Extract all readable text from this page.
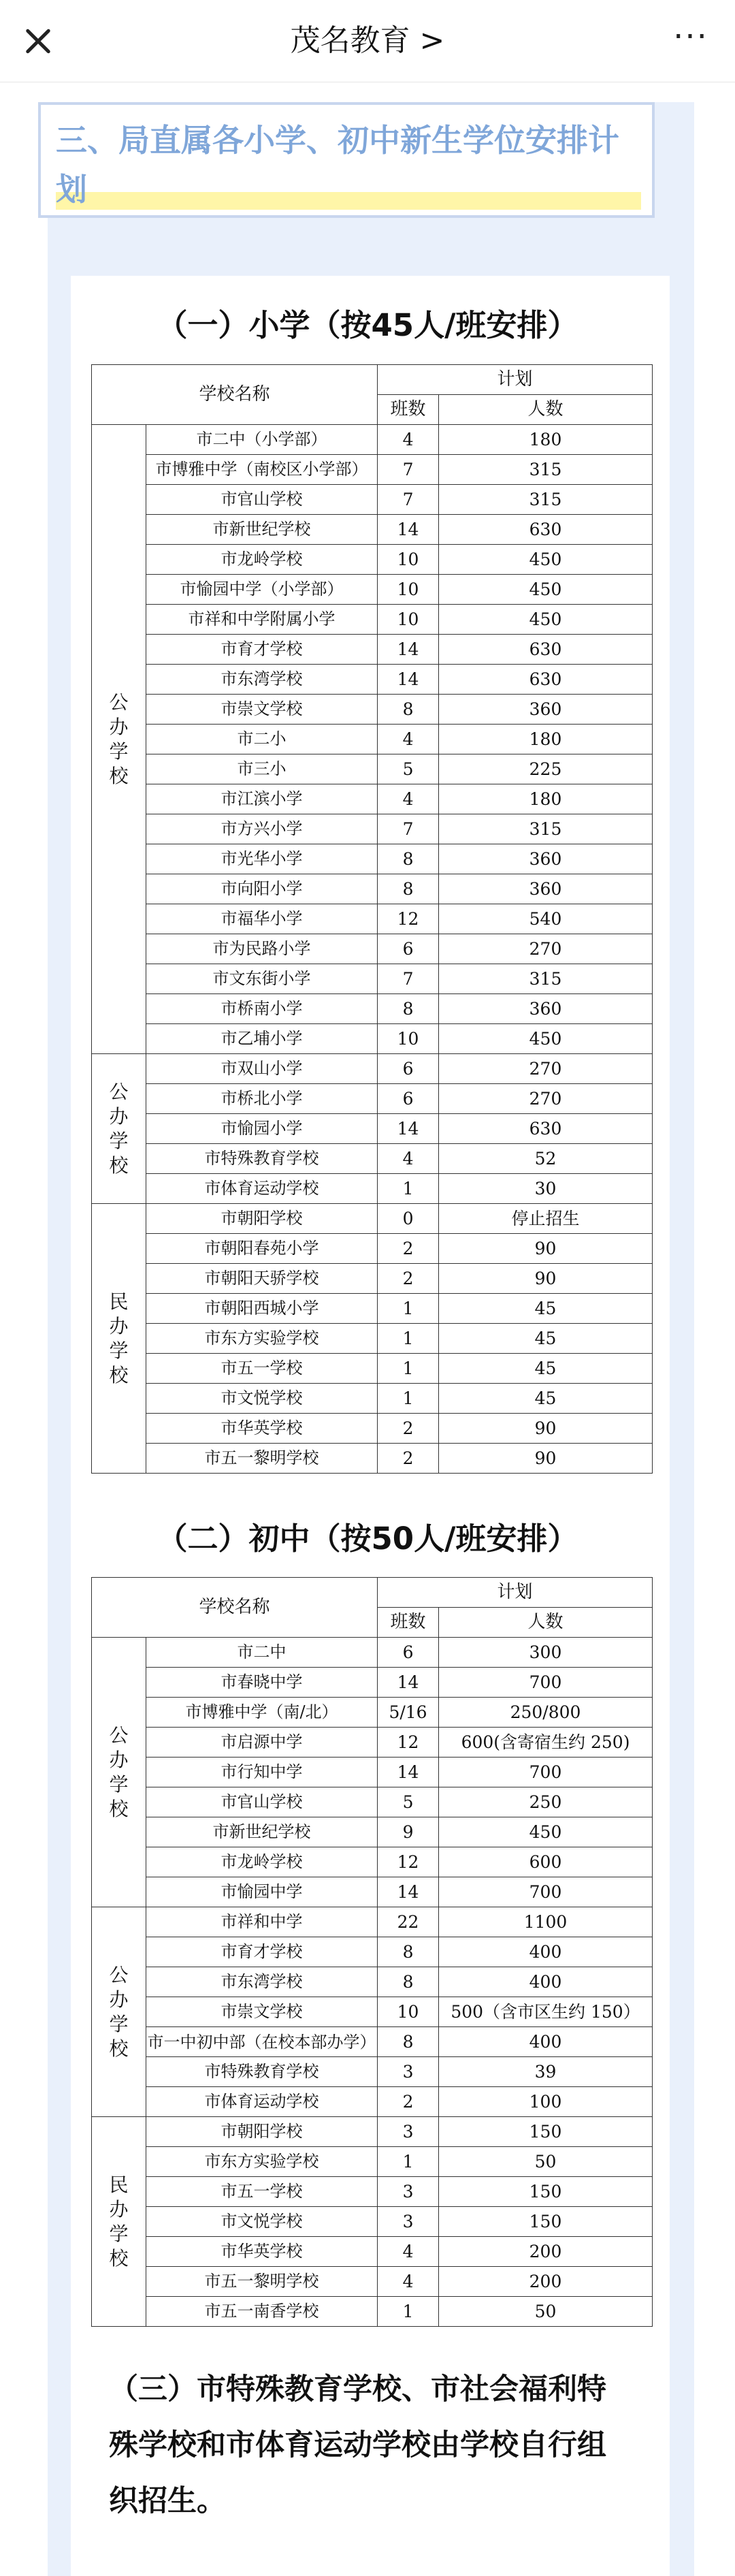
茂名教育 >	···
三、局直属各小学、初中新生学位安排计划
（一）小学（按45人/班安排）
学校名称		计划	
		班数	人数
公办学校	市二中（小学部）	4	180
	市博雅中学（南校区小学部）	7	315
	市官山学校	7	315
	市新世纪学校	14	630
	市龙岭学校	10	450
	市愉园中学（小学部）	10	450
	市祥和中学附属小学	10	450
	市育才学校	14	630
	市东湾学校	14	630
	市崇文学校	8	360
	市二小	4	180
	市三小	5	225
	市江滨小学	4	180
	市方兴小学	7	315
	市光华小学	8	360
	市向阳小学	8	360
	市福华小学	12	540
	市为民路小学	6	270
	市文东街小学	7	315
	市桥南小学	8	360
	市乙埔小学	10	450
公办学校	市双山小学	6	270
	市桥北小学	6	270
	市愉园小学	14	630
	市特殊教育学校	4	52
	市体育运动学校	1	30
民办学校	市朝阳学校	0	停止招生
	市朝阳春苑小学	2	90
	市朝阳天骄学校	2	90
	市朝阳西城小学	1	45
	市东方实验学校	1	45
	市五一学校	1	45
	市文悦学校	1	45
	市华英学校	2	90
	市五一黎明学校	2	90
（二）初中（按50人/班安排）
学校名称		计划	
		班数	人数
公办学校	市二中	6	300
	市春晓中学	14	700
	市博雅中学（南/北）	5/16	250/800
	市启源中学	12	600(含寄宿生约 250)
	市行知中学	14	700
	市官山学校	5	250
	市新世纪学校	9	450
	市龙岭学校	12	600
	市愉园中学	14	700
公办学校	市祥和中学	22	1100
	市育才学校	8	400
	市东湾学校	8	400
	市崇文学校	10	500（含市区生约 150）
	市一中初中部（在校本部办学）	8	400
	市特殊教育学校	3	39
	市体育运动学校	2	100
民办学校	市朝阳学校	3	150
	市东方实验学校	1	50
	市五一学校	3	150
	市文悦学校	3	150
	市华英学校	4	200
	市五一黎明学校	4	200
	市五一南香学校	1	50
（三）市特殊教育学校、市社会福利特殊学校和市体育运动学校由学校自行组织招生。
